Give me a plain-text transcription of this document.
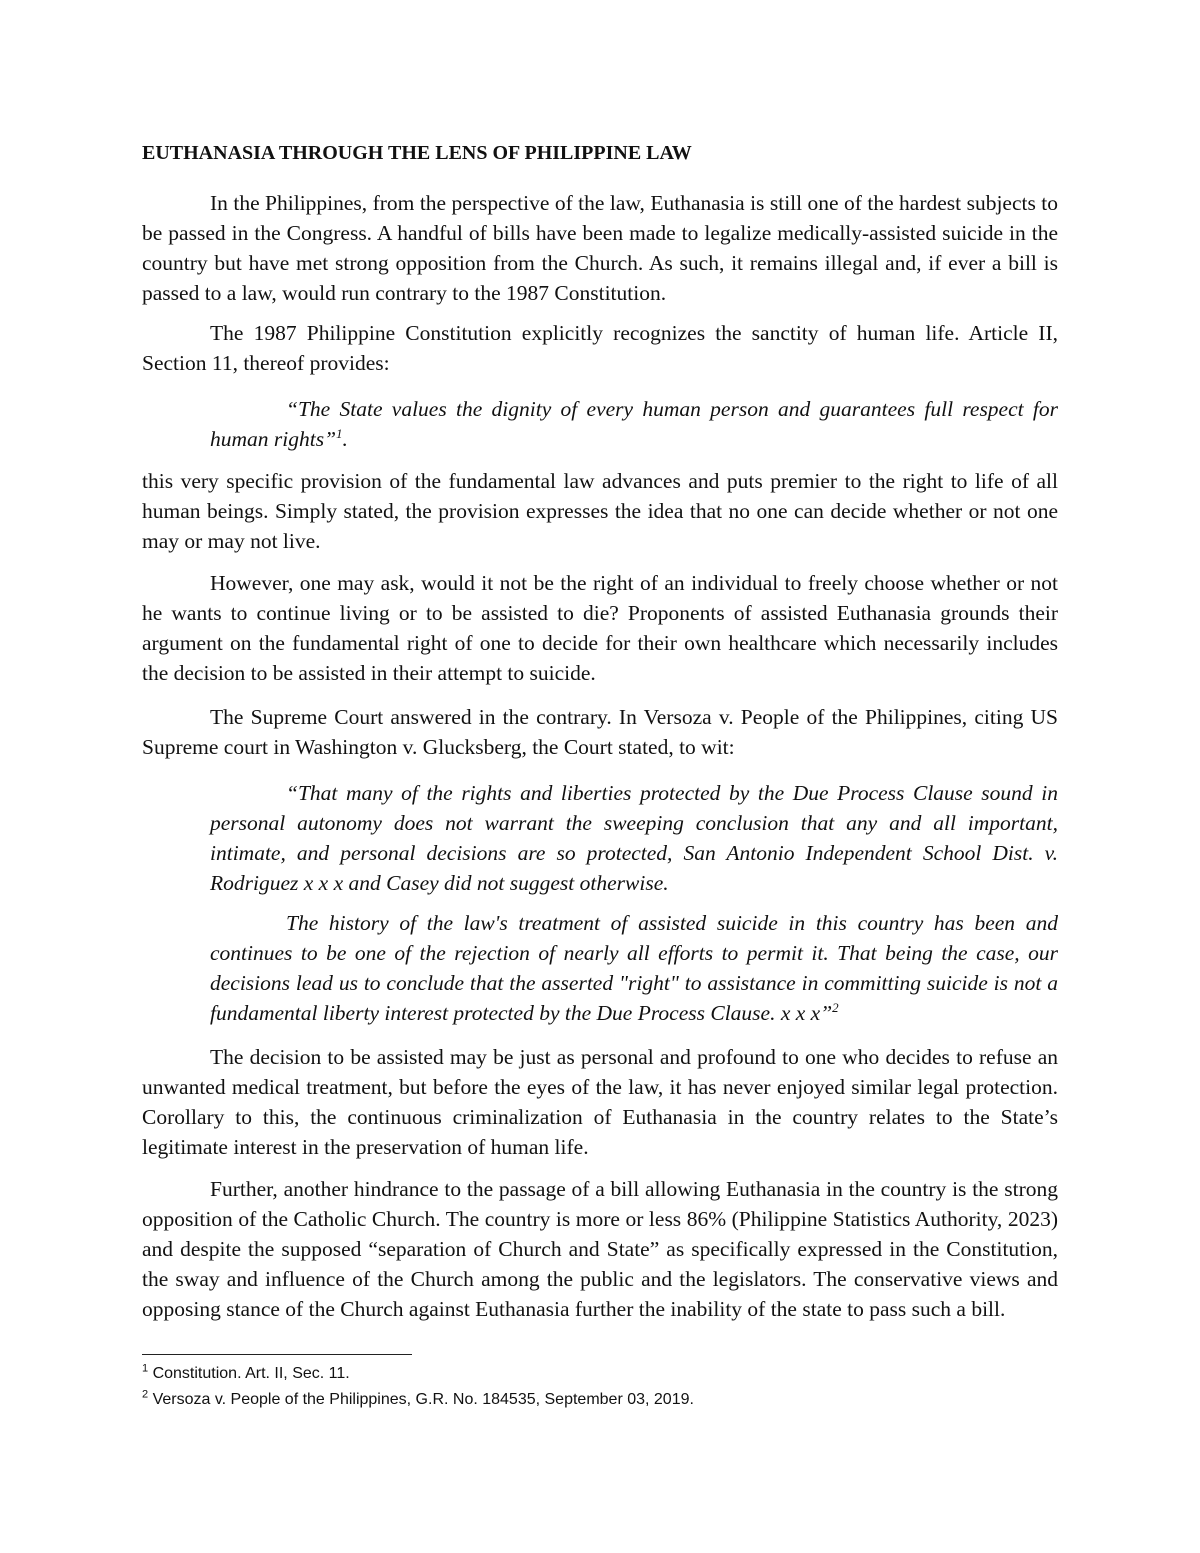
EUTHANASIA THROUGH THE LENS OF PHILIPPINE LAW

In the Philippines, from the perspective of the law, Euthanasia is still one of the hardest subjects to be passed in the Congress. A handful of bills have been made to legalize medically-assisted suicide in the country but have met strong opposition from the Church. As such, it remains illegal and, if ever a bill is passed to a law, would run contrary to the 1987 Constitution.

The 1987 Philippine Constitution explicitly recognizes the sanctity of human life. Article II, Section 11, thereof provides:

“The State values the dignity of every human person and guarantees full respect for human rights”$^1$.

this very specific provision of the fundamental law advances and puts premier to the right to life of all human beings. Simply stated, the provision expresses the idea that no one can decide whether or not one may or may not live.

However, one may ask, would it not be the right of an individual to freely choose whether or not he wants to continue living or to be assisted to die? Proponents of assisted Euthanasia grounds their argument on the fundamental right of one to decide for their own healthcare which necessarily includes the decision to be assisted in their attempt to suicide.

The Supreme Court answered in the contrary. In Versoza v. People of the Philippines, citing US Supreme court in Washington v. Glucksberg, the Court stated, to wit:

“That many of the rights and liberties protected by the Due Process Clause sound in personal autonomy does not warrant the sweeping conclusion that any and all important, intimate, and personal decisions are so protected, San Antonio Independent School Dist. v. Rodriguez x x x and Casey did not suggest otherwise.

The history of the law's treatment of assisted suicide in this country has been and continues to be one of the rejection of nearly all efforts to permit it. That being the case, our decisions lead us to conclude that the asserted "right" to assistance in committing suicide is not a fundamental liberty interest protected by the Due Process Clause. x x x”$^2$

The decision to be assisted may be just as personal and profound to one who decides to refuse an unwanted medical treatment, but before the eyes of the law, it has never enjoyed similar legal protection. Corollary to this, the continuous criminalization of Euthanasia in the country relates to the State’s legitimate interest in the preservation of human life.

Further, another hindrance to the passage of a bill allowing Euthanasia in the country is the strong opposition of the Catholic Church. The country is more or less 86% (Philippine Statistics Authority, 2023) and despite the supposed “separation of Church and State” as specifically expressed in the Constitution, the sway and influence of the Church among the public and the legislators. The conservative views and opposing stance of the Church against Euthanasia further the inability of the state to pass such a bill.

$^1$ Constitution. Art. II, Sec. 11.

$^2$ Versoza v. People of the Philippines, G.R. No. 184535, September 03, 2019.
